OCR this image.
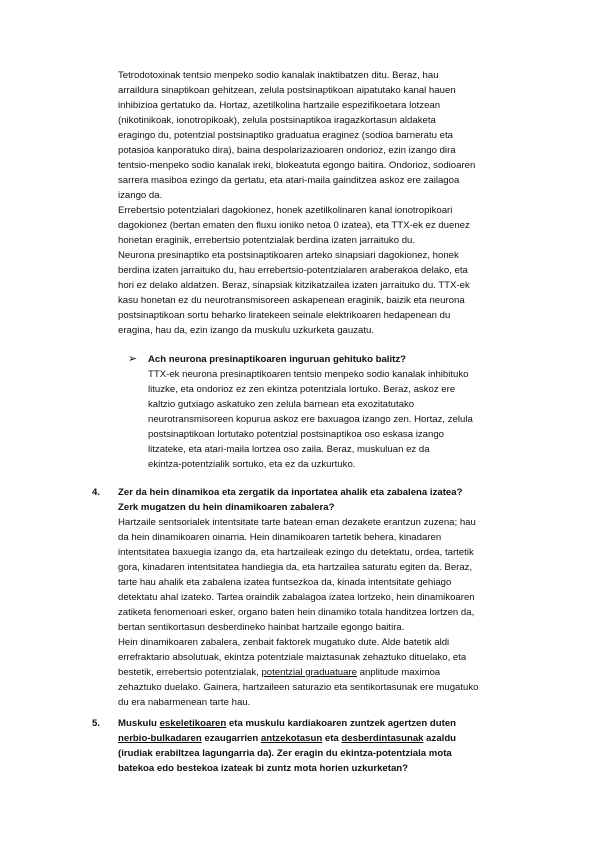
Tetrodotoxinak tentsio menpeko sodio kanalak inaktibatzen ditu. Beraz, hau
arraildura sinaptikoan gehitzean, zelula postsinaptikoan aipatutako kanal hauen
inhibizioa gertatuko da. Hortaz, azetilkolina hartzaile espezifikoetara lotzean
(nikotinikoak, ionotropikoak), zelula postsinaptikoa iragazkortasun aldaketa
eragingo du, potentzial postsinaptiko graduatua eraginez (sodioa barneratu eta
potasioa kanporatuko dira), baina despolarizazioaren ondorioz, ezin izango dira
tentsio-menpeko sodio kanalak ireki, blokeatuta egongo baitira. Ondorioz, sodioaren
sarrera masiboa ezingo da gertatu, eta atari-maila gainditzea askoz ere zailagoa
izango da.
Errebertsio potentzialari dagokionez, honek azetilkolinaren kanal ionotropikoari
dagokionez (bertan ematen den fluxu ioniko netoa 0 izatea), eta TTX-ek ez duenez
honetan eraginik, errebertsio potentzialak berdina izaten jarraituko du.
Neurona presinaptiko eta postsinaptikoaren arteko sinapsiari dagokionez, honek
berdina izaten jarraituko du, hau errebertsio-potentzialaren araberakoa delako, eta
hori ez delako aldatzen. Beraz, sinapsiak kitzikatzailea izaten jarraituko du. TTX-ek
kasu honetan ez du neurotransmisoreen askapenean eraginik, baizik eta neurona
postsinaptikoan sortu beharko liratekeen seinale elektrikoaren hedapenean du
eragina, hau da, ezin izango da muskulu uzkurketa gauzatu.
➢ Ach neurona presinaptikoaren inguruan gehituko balitz?
TTX-ek neurona presinaptikoaren tentsio menpeko sodio kanalak inhibituko
lituzke, eta ondorioz ez zen ekintza potentziala lortuko. Beraz, askoz ere
kaltzio gutxiago askatuko zen zelula barnean eta exozitatutako
neurotransmisoreen kopurua askoz ere baxuagoa izango zen. Hortaz, zelula
postsinaptikoan lortutako potentzial postsinaptikoa oso eskasa izango
litzateke, eta atari-maila lortzea oso zaila. Beraz, muskuluan ez da
ekintza-potentzialik sortuko, eta ez da uzkurtuko.
4. Zer da hein dinamikoa eta zergatik da inportatea ahalik eta zabalena izatea?
Zerk mugatzen du hein dinamikoaren zabalera?
Hartzaile sentsorialek intentsitate tarte batean eman dezakete erantzun zuzena; hau
da hein dinamikoaren oinarria. Hein dinamikoaren tartetik behera, kinadaren
intentsitatea baxuegia izango da, eta hartzaileak ezingo du detektatu, ordea, tartetik
gora, kinadaren intentsitatea handiegia da, eta hartzailea saturatu egiten da. Beraz,
tarte hau ahalik eta zabalena izatea funtsezkoa da, kinada intentsitate gehiago
detektatu ahal izateko. Tartea oraindik zabalagoa izatea lortzeko, hein dinamikoaren
zatiketa fenomenoari esker, organo baten hein dinamiko totala handitzea lortzen da,
bertan sentikortasun desberdineko hainbat hartzaile egongo baitira.
Hein dinamikoaren zabalera, zenbait faktorek mugatuko dute. Alde batetik aldi
errefraktario absolutuak, ekintza potentziale maiztasunak zehaztuko dituelako, eta
bestetik, errebertsio potentzialak, potentzial graduatuare anplitude maximoa
zehaztuko duelako. Gainera, hartzaileen saturazio eta sentikortasunak ere mugatuko
du era nabarmenean tarte hau.
5. Muskulu eskeletikoaren eta muskulu kardiakoaren zuntzek agertzen duten
nerbio-bulkadaren ezaugarrien antzekotasun eta desberdintasunak azaldu
(irudiak erabiltzea lagungarria da). Zer eragin du ekintza-potentziala mota
batekoa edo bestekoa izateak bi zuntz mota horien uzkurketan?
